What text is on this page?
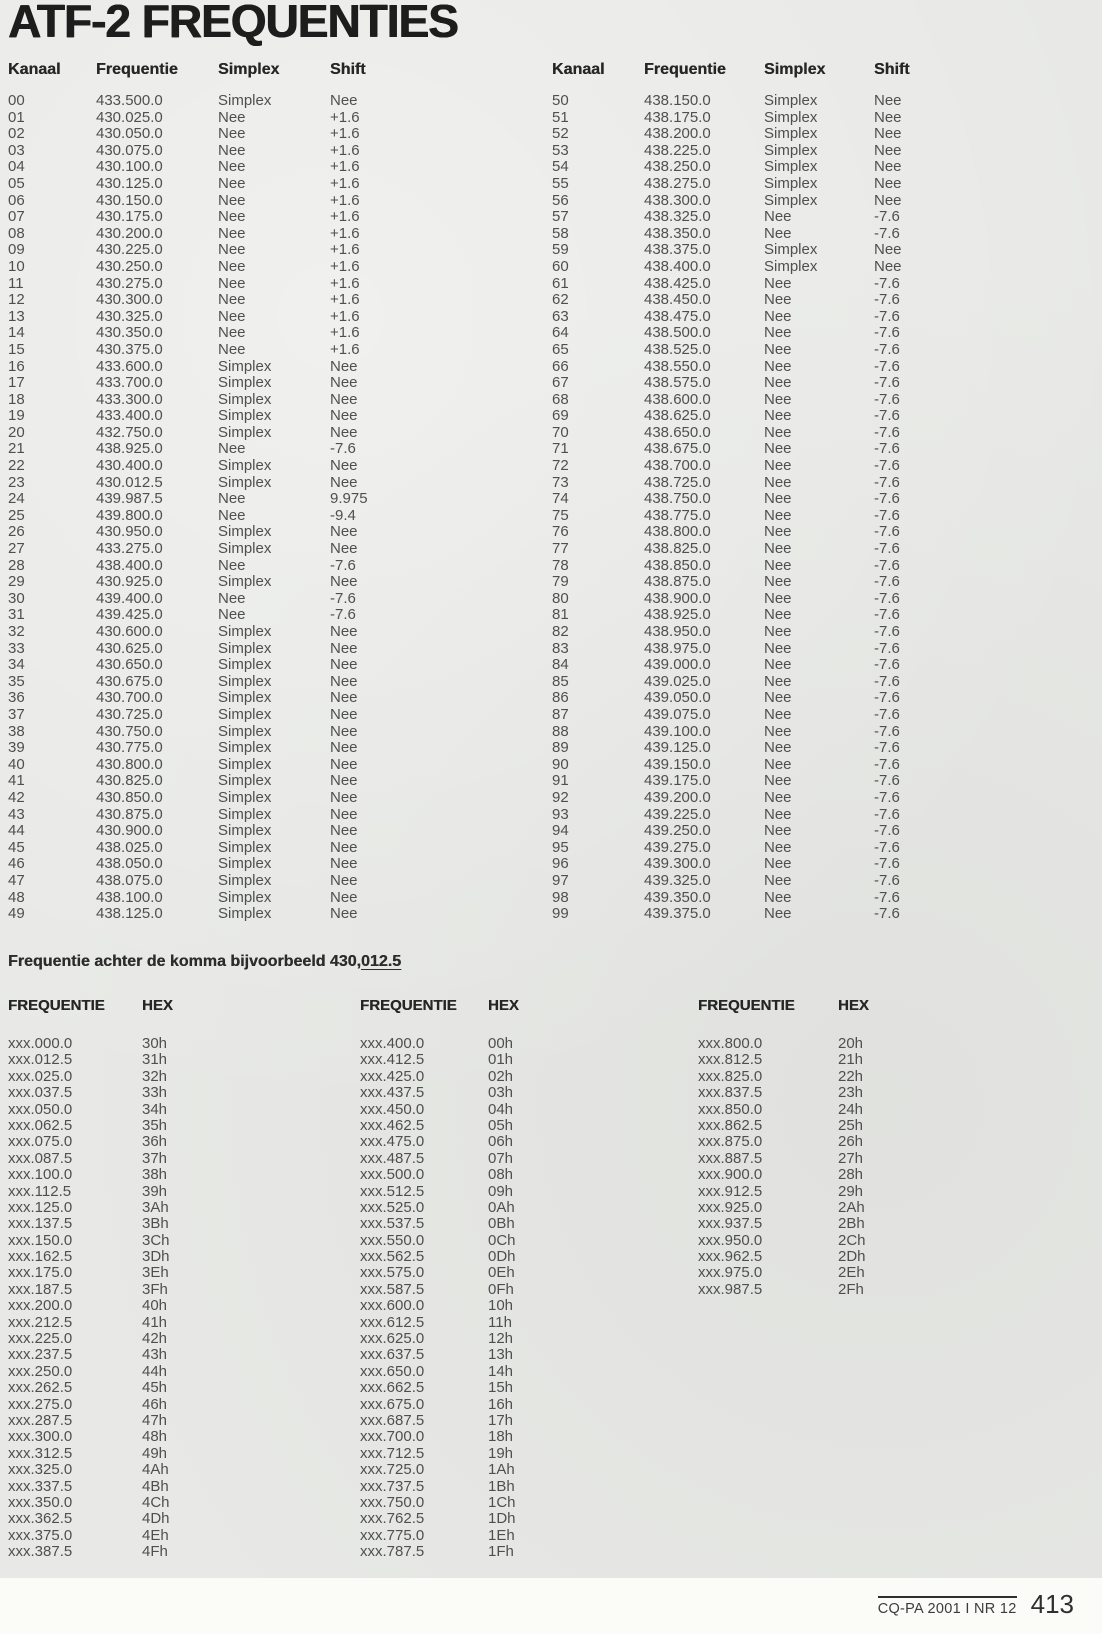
ATF-2 FREQUENTIES
Kanaal	Frequentie	Simplex	Shift
00	433.500.0	Simplex	Nee
01	430.025.0	Nee	+1.6
02	430.050.0	Nee	+1.6
03	430.075.0	Nee	+1.6
04	430.100.0	Nee	+1.6
05	430.125.0	Nee	+1.6
06	430.150.0	Nee	+1.6
07	430.175.0	Nee	+1.6
08	430.200.0	Nee	+1.6
09	430.225.0	Nee	+1.6
10	430.250.0	Nee	+1.6
11	430.275.0	Nee	+1.6
12	430.300.0	Nee	+1.6
13	430.325.0	Nee	+1.6
14	430.350.0	Nee	+1.6
15	430.375.0	Nee	+1.6
16	433.600.0	Simplex	Nee
17	433.700.0	Simplex	Nee
18	433.300.0	Simplex	Nee
19	433.400.0	Simplex	Nee
20	432.750.0	Simplex	Nee
21	438.925.0	Nee	-7.6
22	430.400.0	Simplex	Nee
23	430.012.5	Simplex	Nee
24	439.987.5	Nee	9.975
25	439.800.0	Nee	-9.4
26	430.950.0	Simplex	Nee
27	433.275.0	Simplex	Nee
28	438.400.0	Nee	-7.6
29	430.925.0	Simplex	Nee
30	439.400.0	Nee	-7.6
31	439.425.0	Nee	-7.6
32	430.600.0	Simplex	Nee
33	430.625.0	Simplex	Nee
34	430.650.0	Simplex	Nee
35	430.675.0	Simplex	Nee
36	430.700.0	Simplex	Nee
37	430.725.0	Simplex	Nee
38	430.750.0	Simplex	Nee
39	430.775.0	Simplex	Nee
40	430.800.0	Simplex	Nee
41	430.825.0	Simplex	Nee
42	430.850.0	Simplex	Nee
43	430.875.0	Simplex	Nee
44	430.900.0	Simplex	Nee
45	438.025.0	Simplex	Nee
46	438.050.0	Simplex	Nee
47	438.075.0	Simplex	Nee
48	438.100.0	Simplex	Nee
49	438.125.0	Simplex	Nee
Kanaal	Frequentie	Simplex	Shift
50	438.150.0	Simplex	Nee
51	438.175.0	Simplex	Nee
52	438.200.0	Simplex	Nee
53	438.225.0	Simplex	Nee
54	438.250.0	Simplex	Nee
55	438.275.0	Simplex	Nee
56	438.300.0	Simplex	Nee
57	438.325.0	Nee	-7.6
58	438.350.0	Nee	-7.6
59	438.375.0	Simplex	Nee
60	438.400.0	Simplex	Nee
61	438.425.0	Nee	-7.6
62	438.450.0	Nee	-7.6
63	438.475.0	Nee	-7.6
64	438.500.0	Nee	-7.6
65	438.525.0	Nee	-7.6
66	438.550.0	Nee	-7.6
67	438.575.0	Nee	-7.6
68	438.600.0	Nee	-7.6
69	438.625.0	Nee	-7.6
70	438.650.0	Nee	-7.6
71	438.675.0	Nee	-7.6
72	438.700.0	Nee	-7.6
73	438.725.0	Nee	-7.6
74	438.750.0	Nee	-7.6
75	438.775.0	Nee	-7.6
76	438.800.0	Nee	-7.6
77	438.825.0	Nee	-7.6
78	438.850.0	Nee	-7.6
79	438.875.0	Nee	-7.6
80	438.900.0	Nee	-7.6
81	438.925.0	Nee	-7.6
82	438.950.0	Nee	-7.6
83	438.975.0	Nee	-7.6
84	439.000.0	Nee	-7.6
85	439.025.0	Nee	-7.6
86	439.050.0	Nee	-7.6
87	439.075.0	Nee	-7.6
88	439.100.0	Nee	-7.6
89	439.125.0	Nee	-7.6
90	439.150.0	Nee	-7.6
91	439.175.0	Nee	-7.6
92	439.200.0	Nee	-7.6
93	439.225.0	Nee	-7.6
94	439.250.0	Nee	-7.6
95	439.275.0	Nee	-7.6
96	439.300.0	Nee	-7.6
97	439.325.0	Nee	-7.6
98	439.350.0	Nee	-7.6
99	439.375.0	Nee	-7.6

Frequentie achter de komma bijvoorbeeld 430,012.5

FREQUENTIE	HEX
xxx.000.0	30h
xxx.012.5	31h
xxx.025.0	32h
xxx.037.5	33h
xxx.050.0	34h
xxx.062.5	35h
xxx.075.0	36h
xxx.087.5	37h
xxx.100.0	38h
xxx.112.5	39h
xxx.125.0	3Ah
xxx.137.5	3Bh
xxx.150.0	3Ch
xxx.162.5	3Dh
xxx.175.0	3Eh
xxx.187.5	3Fh
xxx.200.0	40h
xxx.212.5	41h
xxx.225.0	42h
xxx.237.5	43h
xxx.250.0	44h
xxx.262.5	45h
xxx.275.0	46h
xxx.287.5	47h
xxx.300.0	48h
xxx.312.5	49h
xxx.325.0	4Ah
xxx.337.5	4Bh
xxx.350.0	4Ch
xxx.362.5	4Dh
xxx.375.0	4Eh
xxx.387.5	4Fh
FREQUENTIE	HEX
xxx.400.0	00h
xxx.412.5	01h
xxx.425.0	02h
xxx.437.5	03h
xxx.450.0	04h
xxx.462.5	05h
xxx.475.0	06h
xxx.487.5	07h
xxx.500.0	08h
xxx.512.5	09h
xxx.525.0	0Ah
xxx.537.5	0Bh
xxx.550.0	0Ch
xxx.562.5	0Dh
xxx.575.0	0Eh
xxx.587.5	0Fh
xxx.600.0	10h
xxx.612.5	11h
xxx.625.0	12h
xxx.637.5	13h
xxx.650.0	14h
xxx.662.5	15h
xxx.675.0	16h
xxx.687.5	17h
xxx.700.0	18h
xxx.712.5	19h
xxx.725.0	1Ah
xxx.737.5	1Bh
xxx.750.0	1Ch
xxx.762.5	1Dh
xxx.775.0	1Eh
xxx.787.5	1Fh
FREQUENTIE	HEX
xxx.800.0	20h
xxx.812.5	21h
xxx.825.0	22h
xxx.837.5	23h
xxx.850.0	24h
xxx.862.5	25h
xxx.875.0	26h
xxx.887.5	27h
xxx.900.0	28h
xxx.912.5	29h
xxx.925.0	2Ah
xxx.937.5	2Bh
xxx.950.0	2Ch
xxx.962.5	2Dh
xxx.975.0	2Eh
xxx.987.5	2Fh
CQ-PA 2001 I NR 12 413
